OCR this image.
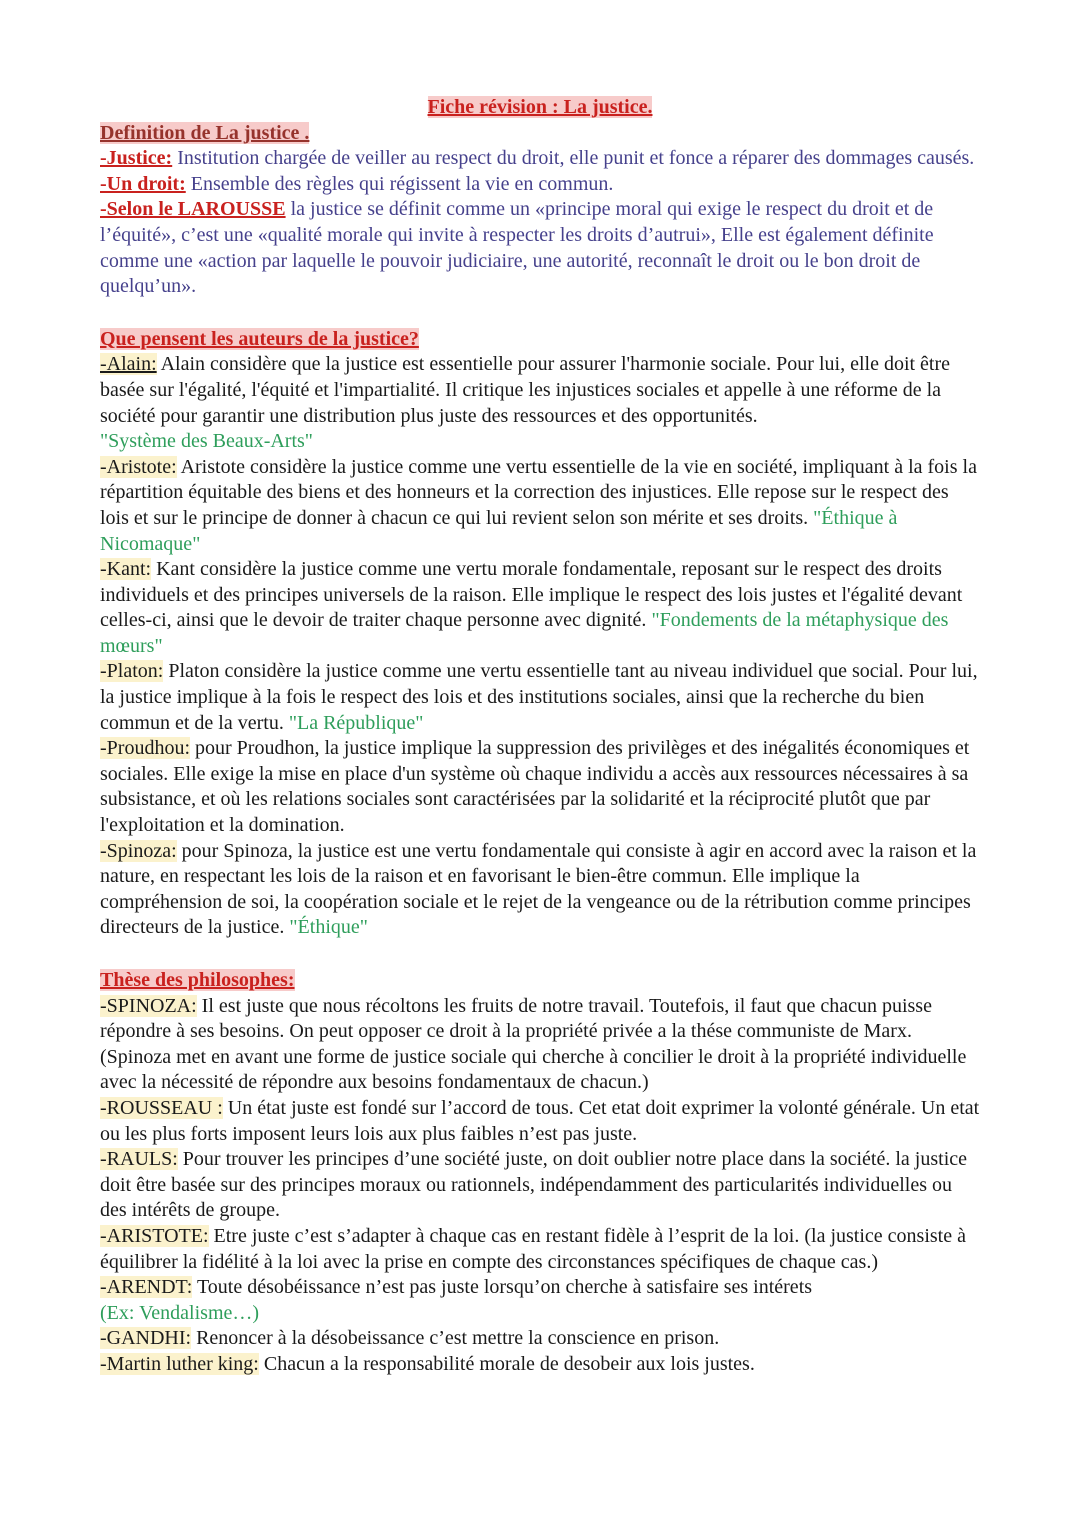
Fiche révision : La justice.

Definition de La justice .

-Justice: Institution chargée de veiller au respect du droit, elle punit et fonce a réparer des dommages causés.

-Un droit: Ensemble des règles qui régissent la vie en commun.

-Selon le LAROUSSE la justice se définit comme un «principe moral qui exige le respect du droit et de l’équité», c’est une «qualité morale qui invite à respecter les droits d’autrui», Elle est également définite comme une «action par laquelle le pouvoir judiciaire, une autorité, reconnaît le droit ou le bon droit de quelqu’un».

Que pensent les auteurs de la justice?

-Alain: Alain considère que la justice est essentielle pour assurer l'harmonie sociale. Pour lui, elle doit être basée sur l'égalité, l'équité et l'impartialité. Il critique les injustices sociales et appelle à une réforme de la société pour garantir une distribution plus juste des ressources et des opportunités.
"Système des Beaux-Arts"

-Aristote: Aristote considère la justice comme une vertu essentielle de la vie en société, impliquant à la fois la répartition équitable des biens et des honneurs et la correction des injustices. Elle repose sur le respect des lois et sur le principe de donner à chacun ce qui lui revient selon son mérite et ses droits. "Éthique à Nicomaque"

-Kant: Kant considère la justice comme une vertu morale fondamentale, reposant sur le respect des droits individuels et des principes universels de la raison. Elle implique le respect des lois justes et l'égalité devant celles-ci, ainsi que le devoir de traiter chaque personne avec dignité. "Fondements de la métaphysique des mœurs"

-Platon: Platon considère la justice comme une vertu essentielle tant au niveau individuel que social. Pour lui, la justice implique à la fois le respect des lois et des institutions sociales, ainsi que la recherche du bien commun et de la vertu. "La République"

-Proudhou: pour Proudhon, la justice implique la suppression des privilèges et des inégalités économiques et sociales. Elle exige la mise en place d'un système où chaque individu a accès aux ressources nécessaires à sa subsistance, et où les relations sociales sont caractérisées par la solidarité et la réciprocité plutôt que par l'exploitation et la domination.

-Spinoza: pour Spinoza, la justice est une vertu fondamentale qui consiste à agir en accord avec la raison et la nature, en respectant les lois de la raison et en favorisant le bien-être commun. Elle implique la compréhension de soi, la coopération sociale et le rejet de la vengeance ou de la rétribution comme principes directeurs de la justice. "Éthique"

Thèse des philosophes:

-SPINOZA: Il est juste que nous récoltons les fruits de notre travail. Toutefois, il faut que chacun puisse répondre à ses besoins. On peut opposer ce droit à la propriété privée a la thése communiste de Marx. (Spinoza met en avant une forme de justice sociale qui cherche à concilier le droit à la propriété individuelle avec la nécessité de répondre aux besoins fondamentaux de chacun.)

-ROUSSEAU : Un état juste est fondé sur l’accord de tous. Cet etat doit exprimer la volonté générale. Un etat ou les plus forts imposent leurs lois aux plus faibles n’est pas juste.

-RAULS: Pour trouver les principes d’une société juste, on doit oublier notre place dans la société. la justice doit être basée sur des principes moraux ou rationnels, indépendamment des particularités individuelles ou des intérêts de groupe.

-ARISTOTE: Etre juste c’est s’adapter à chaque cas en restant fidèle à l’esprit de la loi. (la justice consiste à équilibrer la fidélité à la loi avec la prise en compte des circonstances spécifiques de chaque cas.)

-ARENDT: Toute désobéissance n’est pas juste lorsqu’on cherche à satisfaire ses intérets
(Ex: Vendalisme…)

-GANDHI: Renoncer à la désobeissance c’est mettre la conscience en prison.

-Martin luther king: Chacun a la responsabilité morale de desobeir aux lois justes.
